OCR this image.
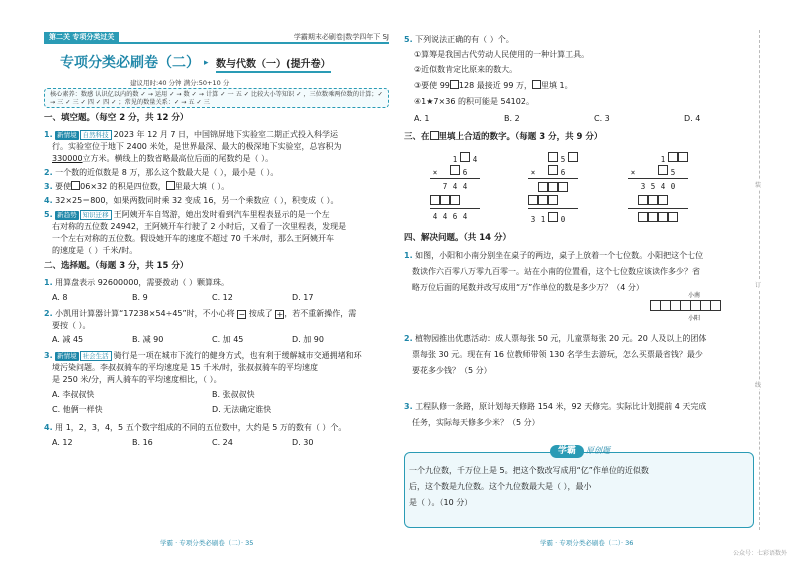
第二关 专项分类过关	学霸期末必刷卷|数学四年下 SJ
专项分类必刷卷（二） ▸ 数与代数（一）(提升卷）
建议用时:40 分钟 满分:50+10 分
核心素养：数感 认识亿以内的数 ✓ → 运用 ✓ → 数 ✓ → 计算 ✓ 一 五 ✓ 比较大小等知识 ✓ ，三位数乘两位数的计算；✓ → 三 ✓ 三 ✓ 四 ✓ 四 ✓ ；常见的数量关系：✓ → 五 ✓ 三
一、填空题。（每空 2 分，共 12 分）
1. 新情境 自然科技 2023 年 12 月 7 日，中国锦屏地下实验室二期正式投入科学运
行。实验室位于地下 2400 米处，是世界最深、最大的极深地下实验室，总容积为
330000立方米。横线上的数省略最高位后面的尾数约是（ ）。
2. 一个数的近似数是 8 万，那么这个数最大是（ ），最小是（ ）。
3. 要使 06×32 的积是四位数， 里最大填（ ）。
4. 32×25＝800，如果两数同时乘 32 变成 16，另一个乘数应（ ），积变成（ ）。
5. 新趋势 知识迁移 王阿姨开车自驾游，她出发时看到汽车里程表显示的是一个左
右对称的五位数 24942，王阿姨开车行驶了 2 小时后，又看了一次里程表，发现是
一个左右对称的五位数。假设她开车的速度不超过 70 千米/时，那么王阿姨开车
的速度是（ ）千米/时。
二、选择题。（每题 3 分，共 15 分）
1. 用算盘表示 92600000，需要拨动（ ）颗算珠。
A. 8	B. 9	C. 12	D. 17
2. 小凯用计算器计算“17238×54÷45”时，不小心将 − 按成了 +，若不重新操作，需
要按（ ）。
A. 减 45	B. 减 90	C. 加 45	D. 加 90
3. 新情境 社会生活 骑行是一项在城市下流行的健身方式，也有利于缓解城市交通拥堵和环
境污染问题。李叔叔骑车的平均速度是 15 千米/时，张叔叔骑车的平均速度
是 250 米/分，两人骑车的平均速度相比，（ ）。
A. 李叔叔快	B. 张叔叔快
C. 他俩一样快	D. 无法确定谁快
4. 用 1，2，3，4，5 五个数字组成的不同的五位数中，大约是 5 万的数有（ ）个。
A. 12	B. 16	C. 24	D. 30
学霸 · 专项分类必刷卷（二）· 35
5. 下列说法正确的有（ ）个。
①算筹是我国古代劳动人民使用的一种计算工具。
②近似数肯定比原来的数大。
③要使 99 128 最接近 99 万， 里填 1。
④1★7×36 的积可能是 54102。
A. 1	B. 2	C. 3	D. 4
三、在 里填上合适的数字。（每题 3 分，共 9 分）
1 4
×	6
7 4 4
4 4 6 4
5
×	6
3 1 0
1
×	5
3 5 4 0
四、解决问题。（共 14 分）
1. 如图，小阳和小南分别坐在桌子的两边，桌子上放着一个七位数。小阳把这个七位
数读作六百零八万零九百零一。站在小南的位置看，这个七位数应该读作多少？省
略万位后面的尾数并改写成用“万”作单位的数是多少万？（4 分）
小南
小阳
2. 植物园推出优惠活动：成人票每张 50 元，儿童票每张 20 元。20 人及以上的团体
票每张 30 元。现在有 16 位教师带领 130 名学生去游玩，怎么买票最省钱？最少
要花多少钱？（5 分）
3. 工程队修一条路，原计划每天修路 154 米，92 天修完。实际比计划提前 4 天完成
任务，实际每天修多少米？（5 分）
学霸 原创题
一个九位数，千万位上是 5。把这个数改写成用“亿”作单位的近似数
后，这个数是九位数。这个九位数最大是（ ），最小
是（ ）。（10 分）
学霸 · 专项分类必刷卷（二）· 36
装
订
线
公众号：七彩语数外
